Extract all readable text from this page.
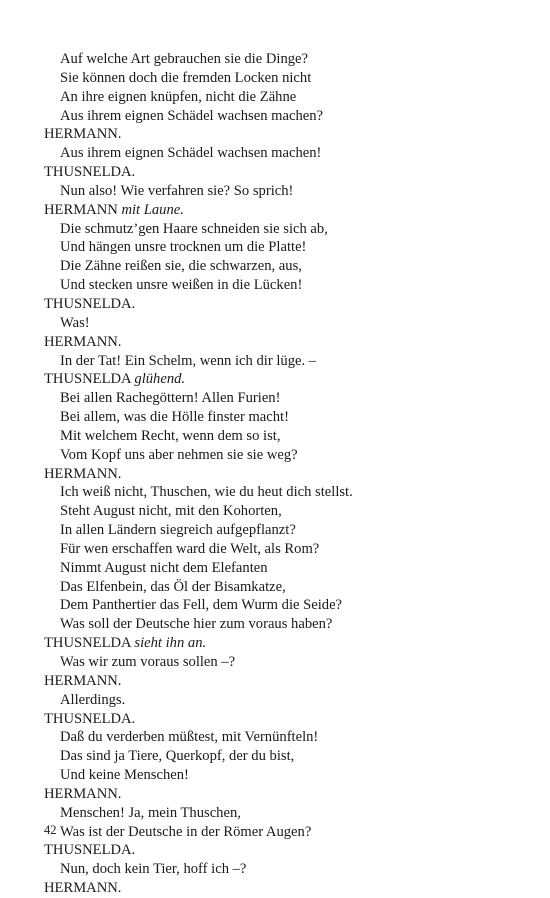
Auf welche Art gebrauchen sie die Dinge?
Sie können doch die fremden Locken nicht
An ihre eignen knüpfen, nicht die Zähne
Aus ihrem eignen Schädel wachsen machen?
HERMANN.
Aus ihrem eignen Schädel wachsen machen!
THUSNELDA.
Nun also! Wie verfahren sie? So sprich!
HERMANN mit Laune.
Die schmutz’gen Haare schneiden sie sich ab,
Und hängen unsre trocknen um die Platte!
Die Zähne reißen sie, die schwarzen, aus,
Und stecken unsre weißen in die Lücken!
THUSNELDA.
Was!
HERMANN.
In der Tat! Ein Schelm, wenn ich dir lüge. –
THUSNELDA glühend.
Bei allen Rachegöttern! Allen Furien!
Bei allem, was die Hölle finster macht!
Mit welchem Recht, wenn dem so ist,
Vom Kopf uns aber nehmen sie sie weg?
HERMANN.
Ich weiß nicht, Thuschen, wie du heut dich stellst.
Steht August nicht, mit den Kohorten,
In allen Ländern siegreich aufgepflanzt?
Für wen erschaffen ward die Welt, als Rom?
Nimmt August nicht dem Elefanten
Das Elfenbein, das Öl der Bisamkatze,
Dem Panthertier das Fell, dem Wurm die Seide?
Was soll der Deutsche hier zum voraus haben?
THUSNELDA sieht ihn an.
Was wir zum voraus sollen –?
HERMANN.
Allerdings.
THUSNELDA.
Daß du verderben müßtest, mit Vernünfteln!
Das sind ja Tiere, Querkopf, der du bist,
Und keine Menschen!
HERMANN.
Menschen! Ja, mein Thuschen,
Was ist der Deutsche in der Römer Augen?
THUSNELDA.
Nun, doch kein Tier, hoff ich –?
HERMANN.
42
